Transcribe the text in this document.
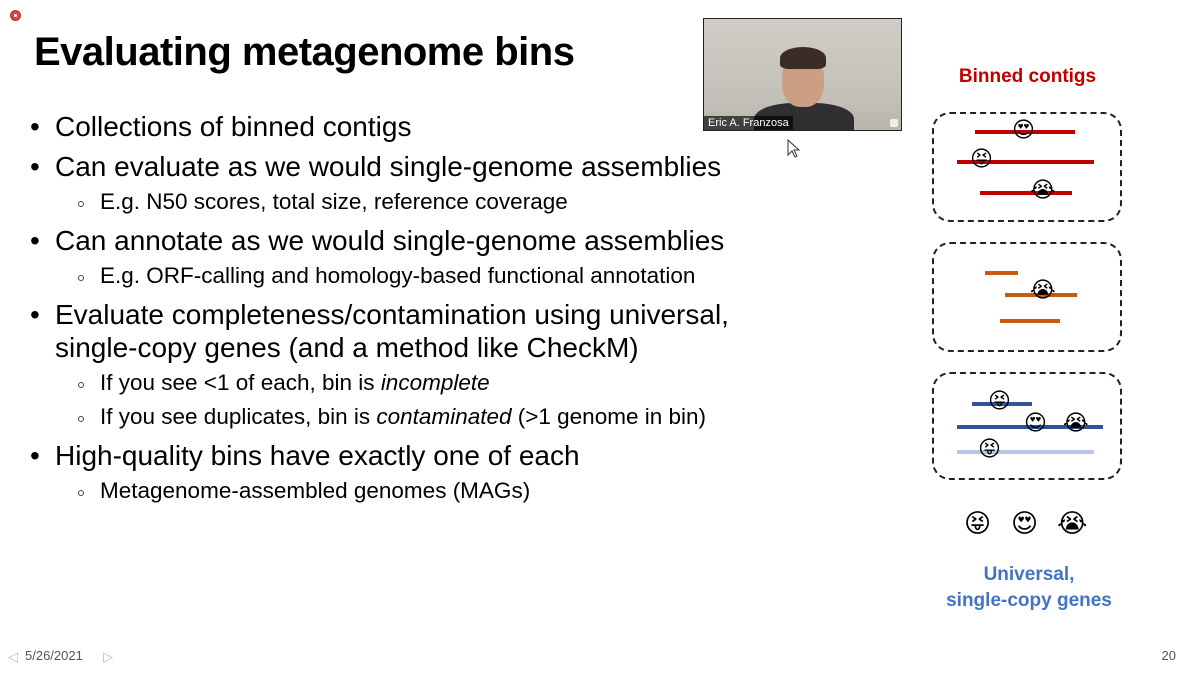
Evaluating metagenome bins
• Collections of binned contigs
• Can evaluate as we would single-genome assemblies
E.g. N50 scores, total size, reference coverage
• Can annotate as we would single-genome assemblies
E.g. ORF-calling and homology-based functional annotation
• Evaluate completeness/contamination using universal,
single-copy genes (and a method like CheckM)
If you see <1 of each, bin is incomplete
If you see duplicates, bin is contaminated (>1 genome in bin)
• High-quality bins have exactly one of each
Metagenome-assembled genomes (MAGs)
Eric A. Franzosa
Binned contigs
😍
😝
😭
😭
😝
😍 😭
😝
😝 😍 😭
Universal,
single-copy genes
◁ 5/26/2021 ▷	20
